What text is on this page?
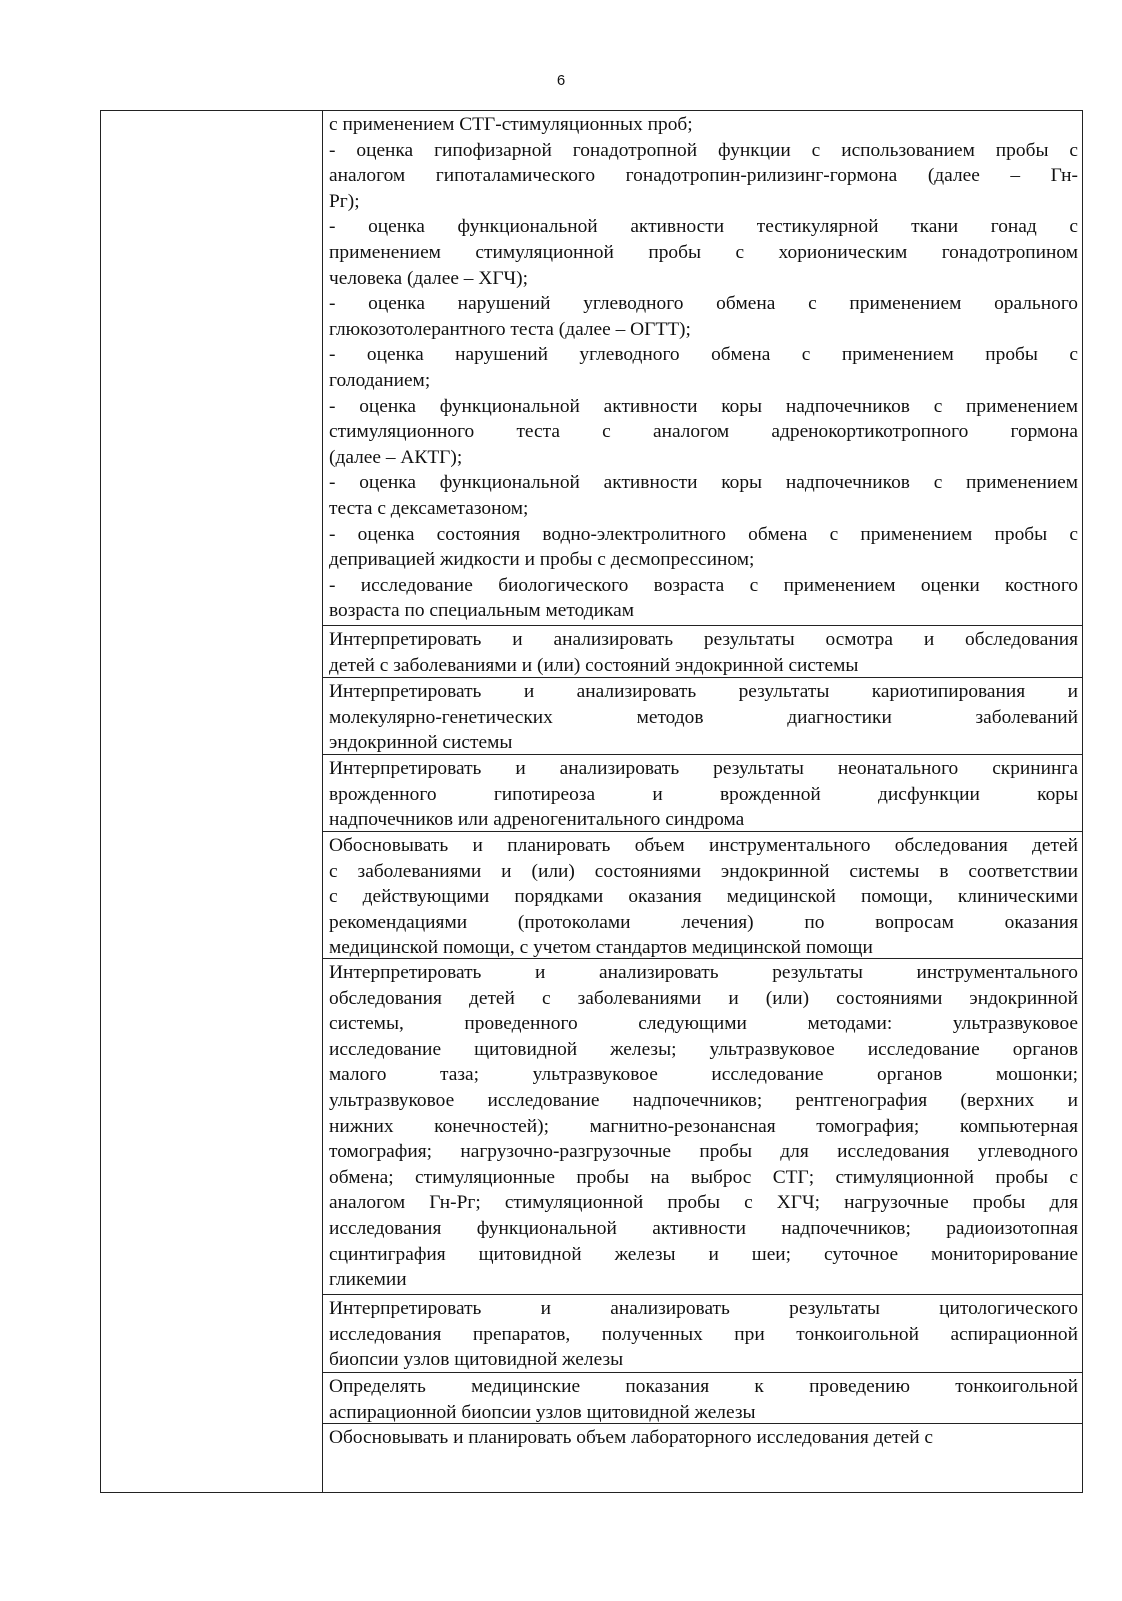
6
с применением СТГ-стимуляционных проб;
- оценка гипофизарной гонадотропной функции с использованием пробы с
аналогом гипоталамического гонадотропин-рилизинг-гормона (далее – Гн-
Рг);
- оценка функциональной активности тестикулярной ткани гонад с
применением стимуляционной пробы с хорионическим гонадотропином
человека (далее – ХГЧ);
- оценка нарушений углеводного обмена с применением орального
глюкозотолерантного теста (далее – ОГТТ);
- оценка нарушений углеводного обмена с применением пробы с
голоданием;
- оценка функциональной активности коры надпочечников с применением
стимуляционного теста с аналогом адренокортикотропного гормона
(далее – АКТГ);
- оценка функциональной активности коры надпочечников с применением
теста с дексаметазоном;
- оценка состояния водно-электролитного обмена с применением пробы с
депривацией жидкости и пробы с десмопрессином;
- исследование биологического возраста с применением оценки костного
возраста по специальным методикам
Интерпретировать и анализировать результаты осмотра и обследования
детей с заболеваниями и (или) состояний эндокринной системы
Интерпретировать и анализировать результаты кариотипирования и
молекулярно-генетических методов диагностики заболеваний
эндокринной системы
Интерпретировать и анализировать результаты неонатального скрининга
врожденного гипотиреоза и врожденной дисфункции коры
надпочечников или адреногенитального синдрома
Обосновывать и планировать объем инструментального обследования детей
с заболеваниями и (или) состояниями эндокринной системы в соответствии
с действующими порядками оказания медицинской помощи, клиническими
рекомендациями (протоколами лечения) по вопросам оказания
медицинской помощи, с учетом стандартов медицинской помощи
Интерпретировать и анализировать результаты инструментального
обследования детей с заболеваниями и (или) состояниями эндокринной
системы, проведенного следующими методами: ультразвуковое
исследование щитовидной железы; ультразвуковое исследование органов
малого таза; ультразвуковое исследование органов мошонки;
ультразвуковое исследование надпочечников; рентгенография (верхних и
нижних конечностей); магнитно-резонансная томография; компьютерная
томография; нагрузочно-разгрузочные пробы для исследования углеводного
обмена; стимуляционные пробы на выброс СТГ; стимуляционной пробы с
аналогом Гн-Рг; стимуляционной пробы с ХГЧ; нагрузочные пробы для
исследования функциональной активности надпочечников; радиоизотопная
сцинтиграфия щитовидной железы и шеи; суточное мониторирование
гликемии
Интерпретировать и анализировать результаты цитологического
исследования препаратов, полученных при тонкоигольной аспирационной
биопсии узлов щитовидной железы
Определять медицинские показания к проведению тонкоигольной
аспирационной биопсии узлов щитовидной железы
Обосновывать и планировать объем лабораторного исследования детей с
